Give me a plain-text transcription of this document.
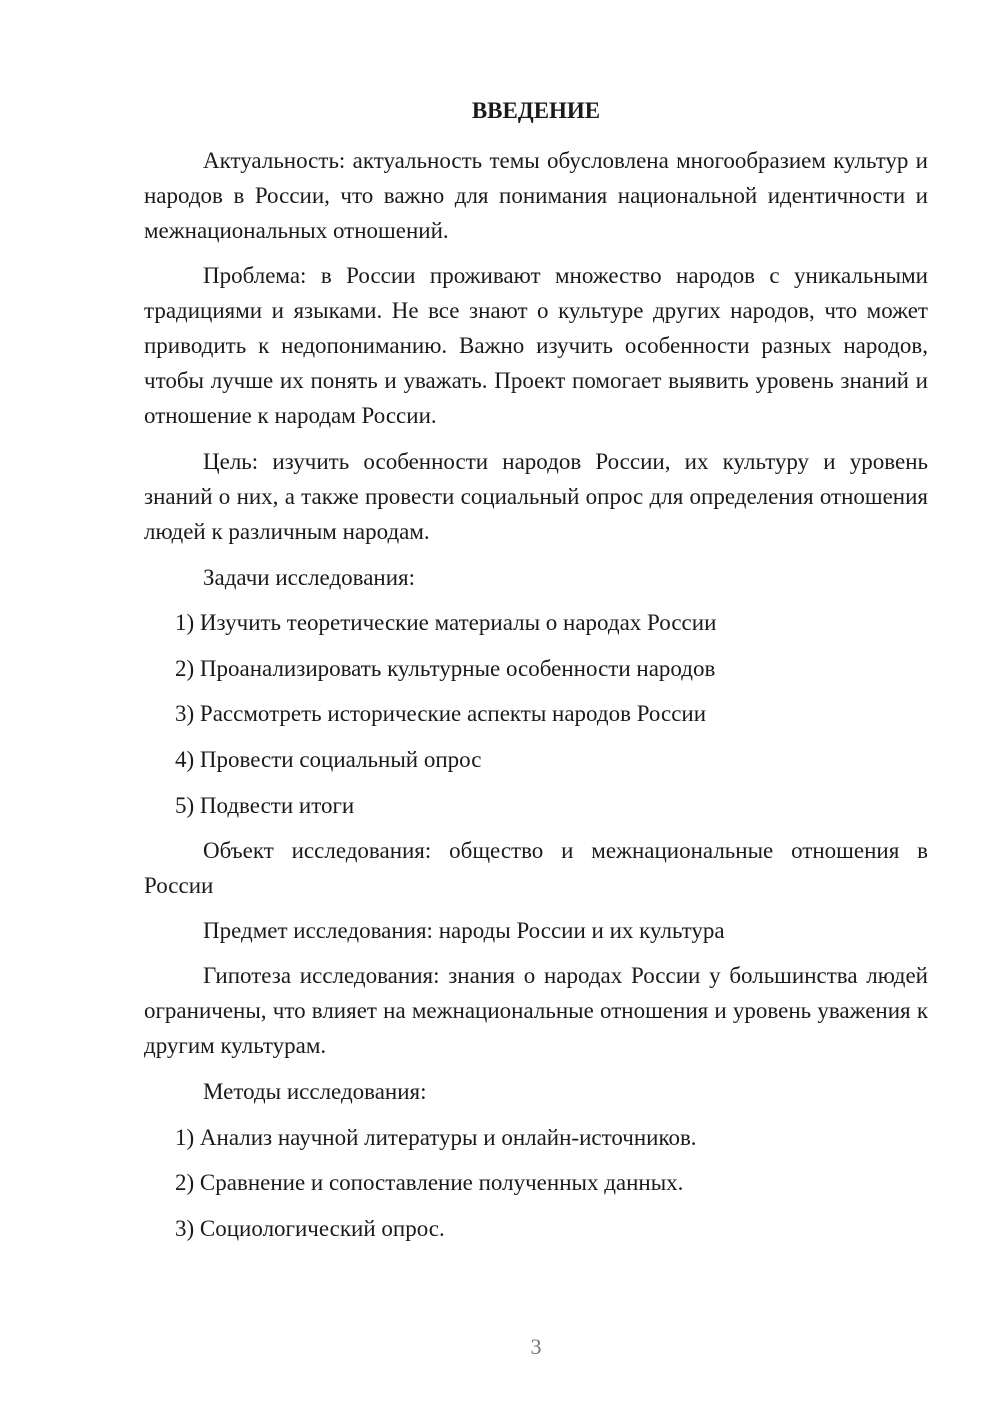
ВВЕДЕНИЕ

Актуальность: актуальность темы обусловлена многообразием культур и народов в России, что важно для понимания национальной идентичности и межнациональных отношений.

Проблема: в России проживают множество народов с уникальными традициями и языками. Не все знают о культуре других народов, что может приводить к недопониманию. Важно изучить особенности разных народов, чтобы лучше их понять и уважать. Проект помогает выявить уровень знаний и отношение к народам России.

Цель: изучить особенности народов России, их культуру и уровень знаний о них, а также провести социальный опрос для определения отношения людей к различным народам.

Задачи исследования:

1) Изучить теоретические материалы о народах России

2) Проанализировать культурные особенности народов

3) Рассмотреть исторические аспекты народов России

4) Провести социальный опрос

5) Подвести итоги

Объект исследования: общество и межнациональные отношения в России

Предмет исследования: народы России и их культура

Гипотеза исследования: знания о народах России у большинства людей ограничены, что влияет на межнациональные отношения и уровень уважения к другим культурам.

Методы исследования:

1) Анализ научной литературы и онлайн-источников.

2) Сравнение и сопоставление полученных данных.

3) Социологический опрос.

3
